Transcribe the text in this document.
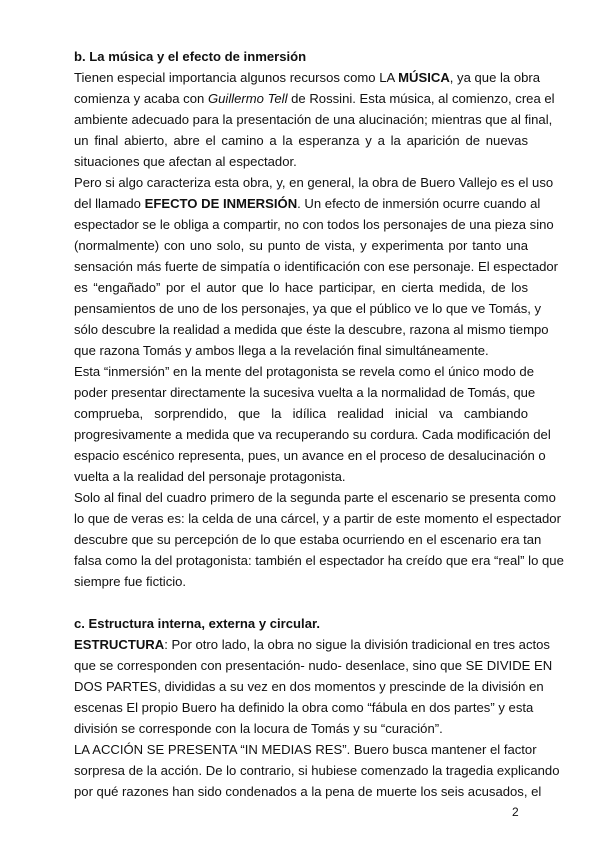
b. La música y el efecto de inmersión
Tienen especial importancia algunos recursos como LA MÚSICA, ya que la obra
comienza y acaba con Guillermo Tell de Rossini. Esta música, al comienzo, crea el
ambiente adecuado para la presentación de una alucinación; mientras que al final,
un final abierto, abre el camino a la esperanza y a la aparición de nuevas
situaciones que afectan al espectador.
Pero si algo caracteriza esta obra, y, en general, la obra de Buero Vallejo es el uso
del llamado EFECTO DE INMERSIÓN. Un efecto de inmersión ocurre cuando al
espectador se le obliga a compartir, no con todos los personajes de una pieza sino
(normalmente) con uno solo, su punto de vista, y experimenta por tanto una
sensación más fuerte de simpatía o identificación con ese personaje. El espectador
es “engañado” por el autor que lo hace participar, en cierta medida, de los
pensamientos de uno de los personajes, ya que el público ve lo que ve Tomás, y
sólo descubre la realidad a medida que éste la descubre, razona al mismo tiempo
que razona Tomás y ambos llega a la revelación final simultáneamente.
Esta “inmersión” en la mente del protagonista se revela como el único modo de
poder presentar directamente la sucesiva vuelta a la normalidad de Tomás, que
comprueba, sorprendido, que la idílica realidad inicial va cambiando
progresivamente a medida que va recuperando su cordura. Cada modificación del
espacio escénico representa, pues, un avance en el proceso de desalucinación o
vuelta a la realidad del personaje protagonista.
Solo al final del cuadro primero de la segunda parte el escenario se presenta como
lo que de veras es: la celda de una cárcel, y a partir de este momento el espectador
descubre que su percepción de lo que estaba ocurriendo en el escenario era tan
falsa como la del protagonista: también el espectador ha creído que era “real” lo que
siempre fue ficticio.
c. Estructura interna, externa y circular.
ESTRUCTURA: Por otro lado, la obra no sigue la división tradicional en tres actos
que se corresponden con presentación- nudo- desenlace, sino que SE DIVIDE EN
DOS PARTES, divididas a su vez en dos momentos y prescinde de la división en
escenas El propio Buero ha definido la obra como “fábula en dos partes” y esta
división se corresponde con la locura de Tomás y su “curación”.
LA ACCIÓN SE PRESENTA “IN MEDIAS RES”. Buero busca mantener el factor
sorpresa de la acción. De lo contrario, si hubiese comenzado la tragedia explicando
por qué razones han sido condenados a la pena de muerte los seis acusados, el
2
